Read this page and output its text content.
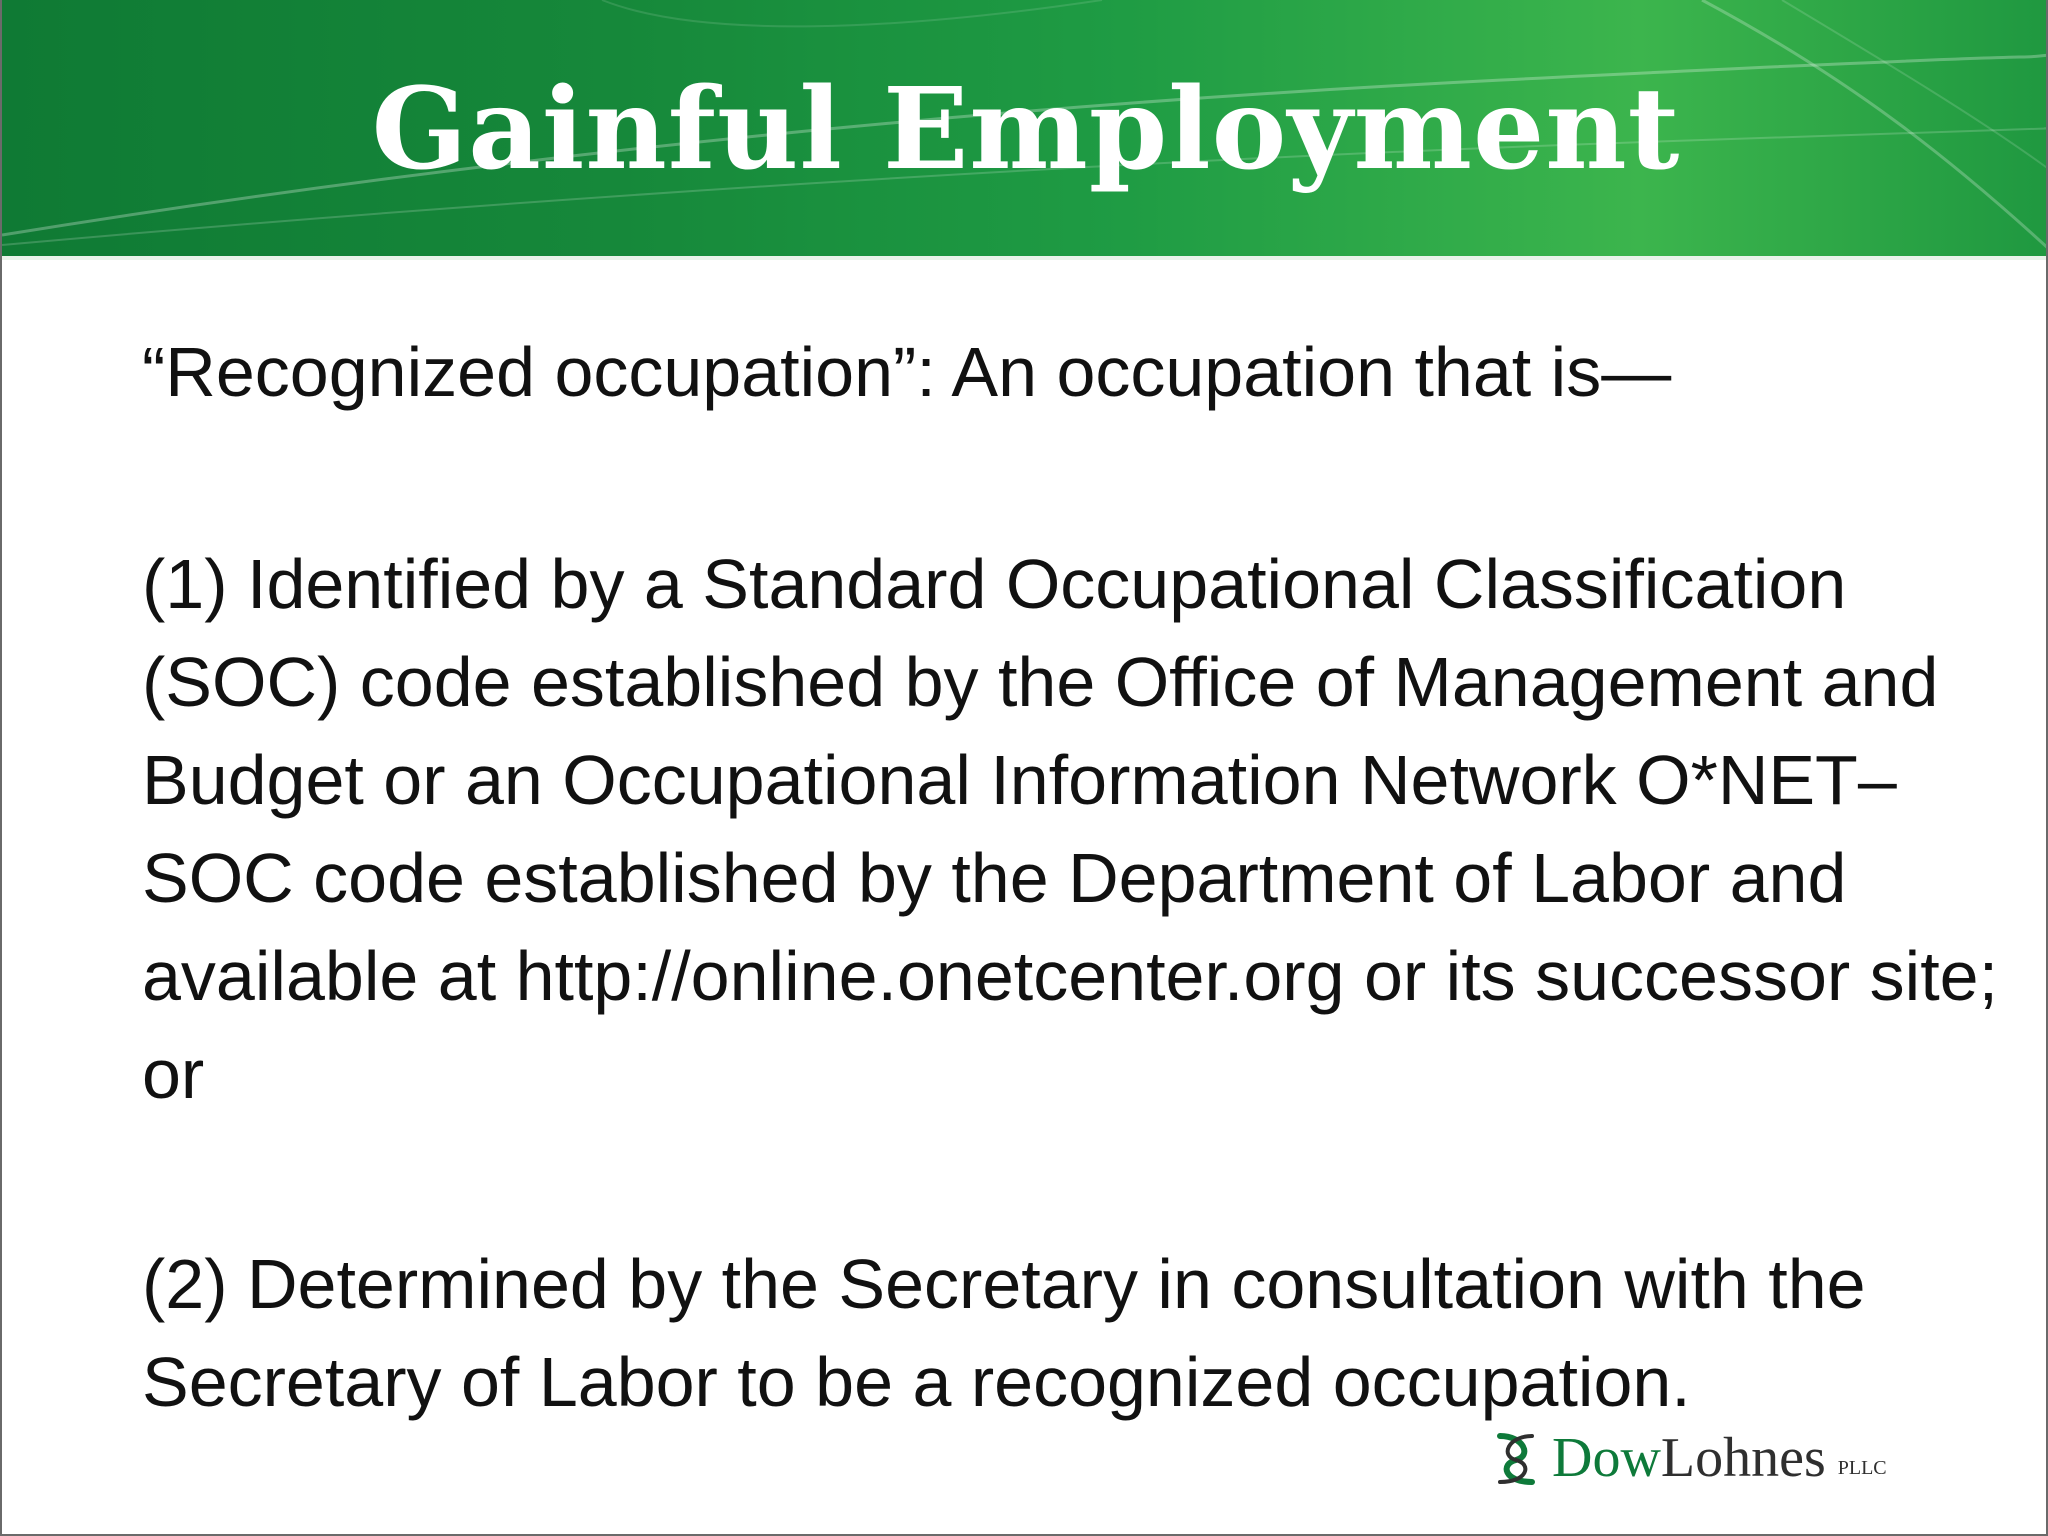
Gainful Employment
“Recognized occupation”: An occupation that is—
(1) Identified by a Standard Occupational Classification (SOC) code established by the Office of Management and Budget or an Occupational Information Network O*NET–SOC code established by the Department of Labor and available at http://online.onetcenter.org or its successor site; or
(2) Determined by the Secretary in consultation with the Secretary of Labor to be a recognized occupation.
Dow Lohnes PLLC
